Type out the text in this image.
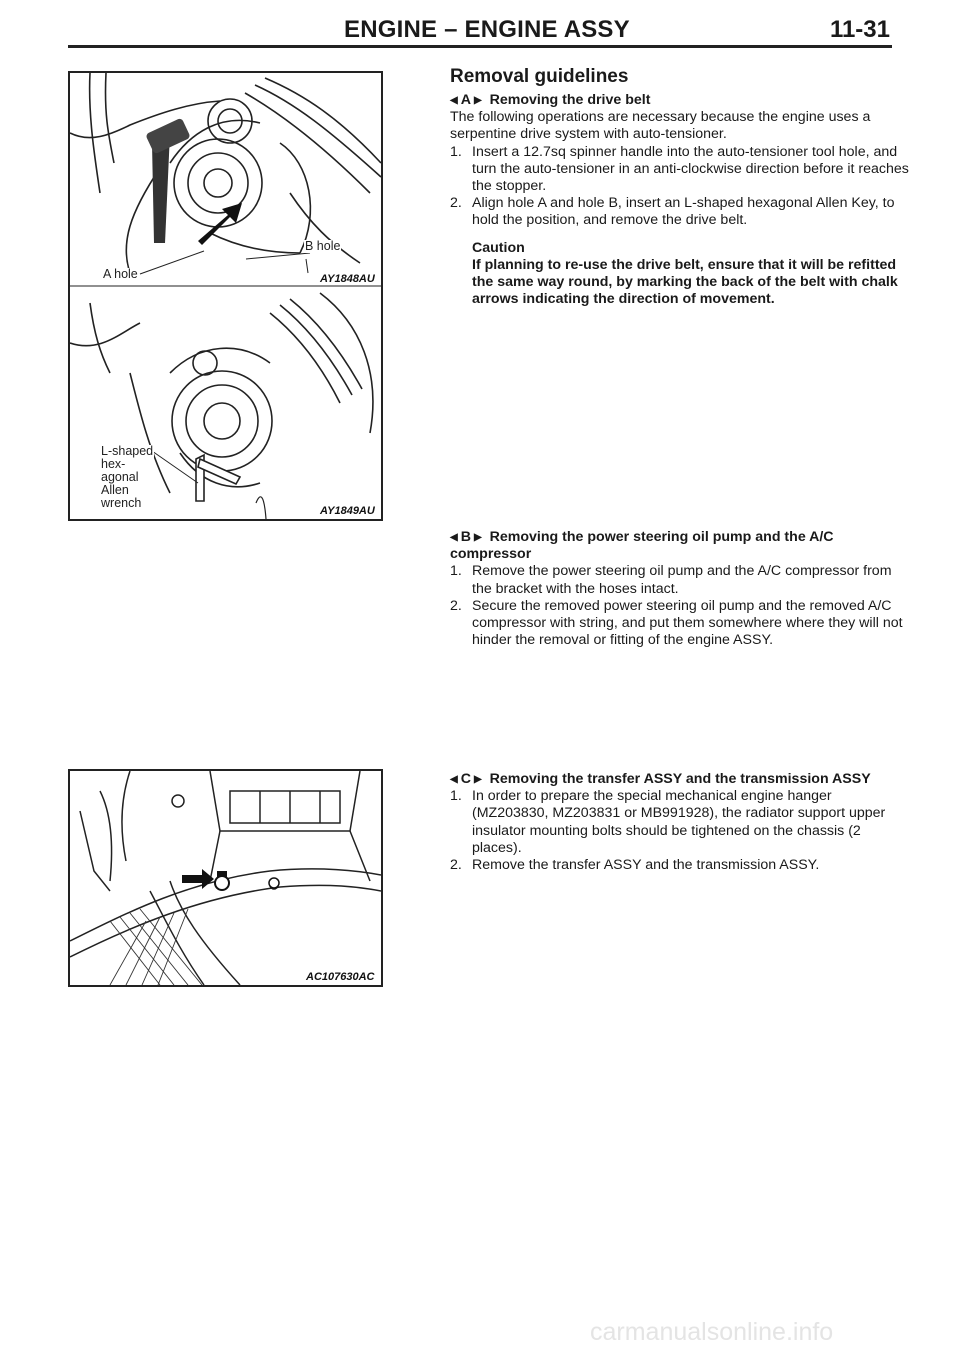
ENGINE – ENGINE ASSY	11-31
A hole
B hole
AY1848AU
L-shaped
hex-
agonal
Allen
wrench
AY1849AU
AC107630AC
Removal guidelines
◀ A ▶ Removing the drive belt

The following operations are necessary because the engine uses a serpentine drive system with auto-tensioner.

1. Insert a 12.7sq spinner handle into the auto-tensioner tool hole, and turn the auto-tensioner in an anti-clockwise direction before it reaches the stopper.
2. Align hole A and hole B, insert an L-shaped hexagonal Allen Key, to hold the position, and remove the drive belt.

Caution

If planning to re-use the drive belt, ensure that it will be refitted the same way round, by marking the back of the belt with chalk arrows indicating the direction of movement.

◀ B ▶ Removing the power steering oil pump and the A/C compressor
1. Remove the power steering oil pump and the A/C compressor from the bracket with the hoses intact.
2. Secure the removed power steering oil pump and the removed A/C compressor with string, and put them somewhere where they will not hinder the removal or fitting of the engine ASSY.
◀ C ▶ Removing the transfer ASSY and the transmission ASSY
1. In order to prepare the special mechanical engine hanger (MZ203830, MZ203831 or MB991928), the radiator support upper insulator mounting bolts should be tightened on the chassis (2 places).
2. Remove the transfer ASSY and the transmission ASSY.
carmanualsonline.info
